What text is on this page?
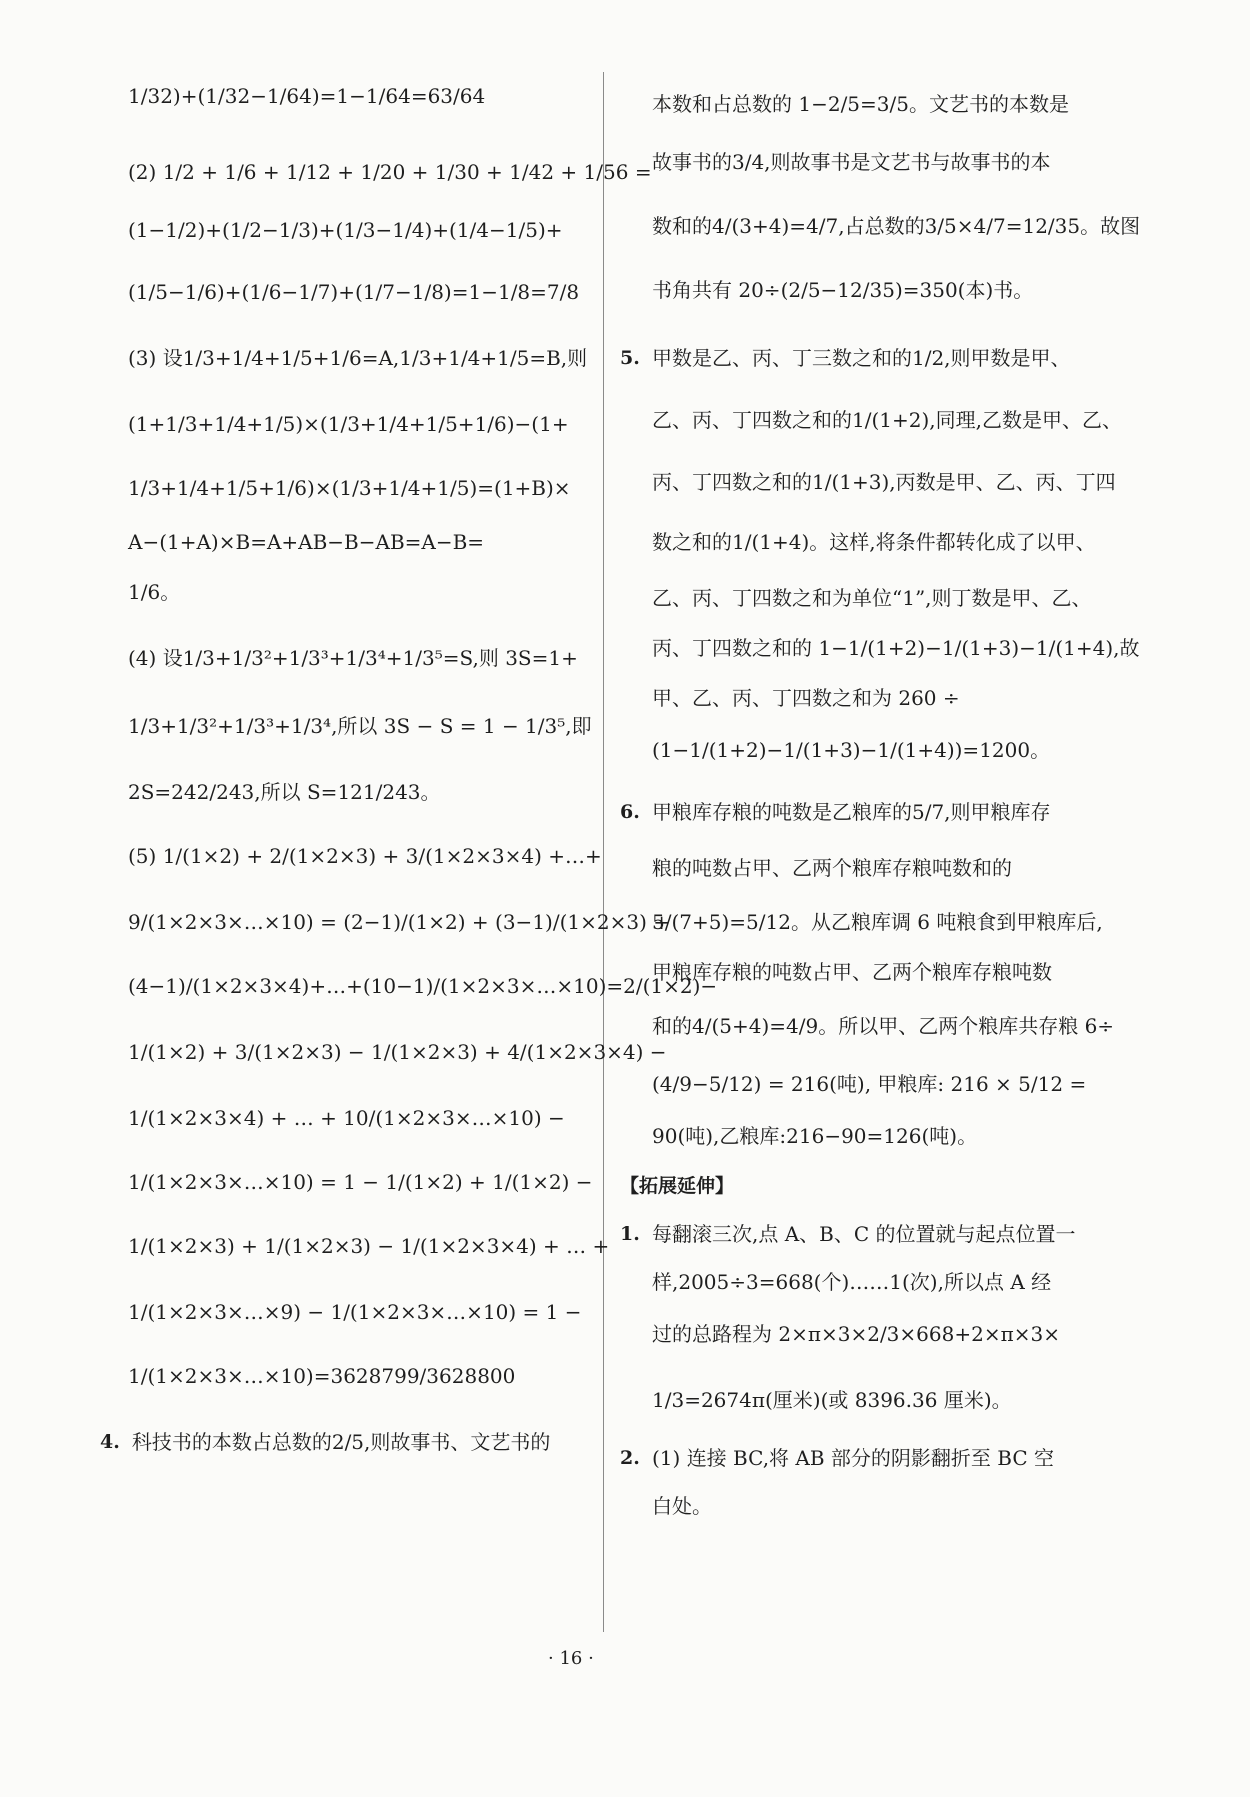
1/32)+(1/32−1/64)=1−1/64=63/64
(2) 1/2 + 1/6 + 1/12 + 1/20 + 1/30 + 1/42 + 1/56 =
(1−1/2)+(1/2−1/3)+(1/3−1/4)+(1/4−1/5)+
(1/5−1/6)+(1/6−1/7)+(1/7−1/8)=1−1/8=7/8
(3) 设1/3+1/4+1/5+1/6=A,1/3+1/4+1/5=B,则
(1+1/3+1/4+1/5)×(1/3+1/4+1/5+1/6)−(1+
1/3+1/4+1/5+1/6)×(1/3+1/4+1/5)=(1+B)×
A−(1+A)×B=A+AB−B−AB=A−B=
1/6。
(4) 设1/3+1/3²+1/3³+1/3⁴+1/3⁵=S,则 3S=1+
1/3+1/3²+1/3³+1/3⁴,所以 3S − S = 1 − 1/3⁵,即
2S=242/243,所以 S=121/243。
(5) 1/(1×2) + 2/(1×2×3) + 3/(1×2×3×4) +…+
9/(1×2×3×…×10) = (2−1)/(1×2) + (3−1)/(1×2×3) +
(4−1)/(1×2×3×4)+…+(10−1)/(1×2×3×…×10)=2/(1×2)−
1/(1×2) + 3/(1×2×3) − 1/(1×2×3) + 4/(1×2×3×4) −
1/(1×2×3×4) + … + 10/(1×2×3×…×10) −
1/(1×2×3×…×10) = 1 − 1/(1×2) + 1/(1×2) −
1/(1×2×3) + 1/(1×2×3) − 1/(1×2×3×4) + … +
1/(1×2×3×…×9) − 1/(1×2×3×…×10) = 1 −
1/(1×2×3×…×10)=3628799/3628800
4. 科技书的本数占总数的2/5,则故事书、文艺书的
本数和占总数的 1−2/5=3/5。文艺书的本数是
故事书的3/4,则故事书是文艺书与故事书的本
数和的4/(3+4)=4/7,占总数的3/5×4/7=12/35。故图
书角共有 20÷(2/5−12/35)=350(本)书。
5. 甲数是乙、丙、丁三数之和的1/2,则甲数是甲、
乙、丙、丁四数之和的1/(1+2),同理,乙数是甲、乙、
丙、丁四数之和的1/(1+3),丙数是甲、乙、丙、丁四
数之和的1/(1+4)。这样,将条件都转化成了以甲、
乙、丙、丁四数之和为单位“1”,则丁数是甲、乙、
丙、丁四数之和的 1−1/(1+2)−1/(1+3)−1/(1+4),故
甲、乙、丙、丁四数之和为 260 ÷
(1−1/(1+2)−1/(1+3)−1/(1+4))=1200。
6. 甲粮库存粮的吨数是乙粮库的5/7,则甲粮库存
粮的吨数占甲、乙两个粮库存粮吨数和的
5/(7+5)=5/12。从乙粮库调 6 吨粮食到甲粮库后,
甲粮库存粮的吨数占甲、乙两个粮库存粮吨数
和的4/(5+4)=4/9。所以甲、乙两个粮库共存粮 6÷
(4/9−5/12) = 216(吨), 甲粮库: 216 × 5/12 =
90(吨),乙粮库:216−90=126(吨)。
【拓展延伸】
1. 每翻滚三次,点 A、B、C 的位置就与起点位置一
样,2005÷3=668(个)……1(次),所以点 A 经
过的总路程为 2×π×3×2/3×668+2×π×3×
1/3=2674π(厘米)(或 8396.36 厘米)。
2. (1) 连接 BC,将 AB 部分的阴影翻折至 BC 空
白处。
· 16 ·
